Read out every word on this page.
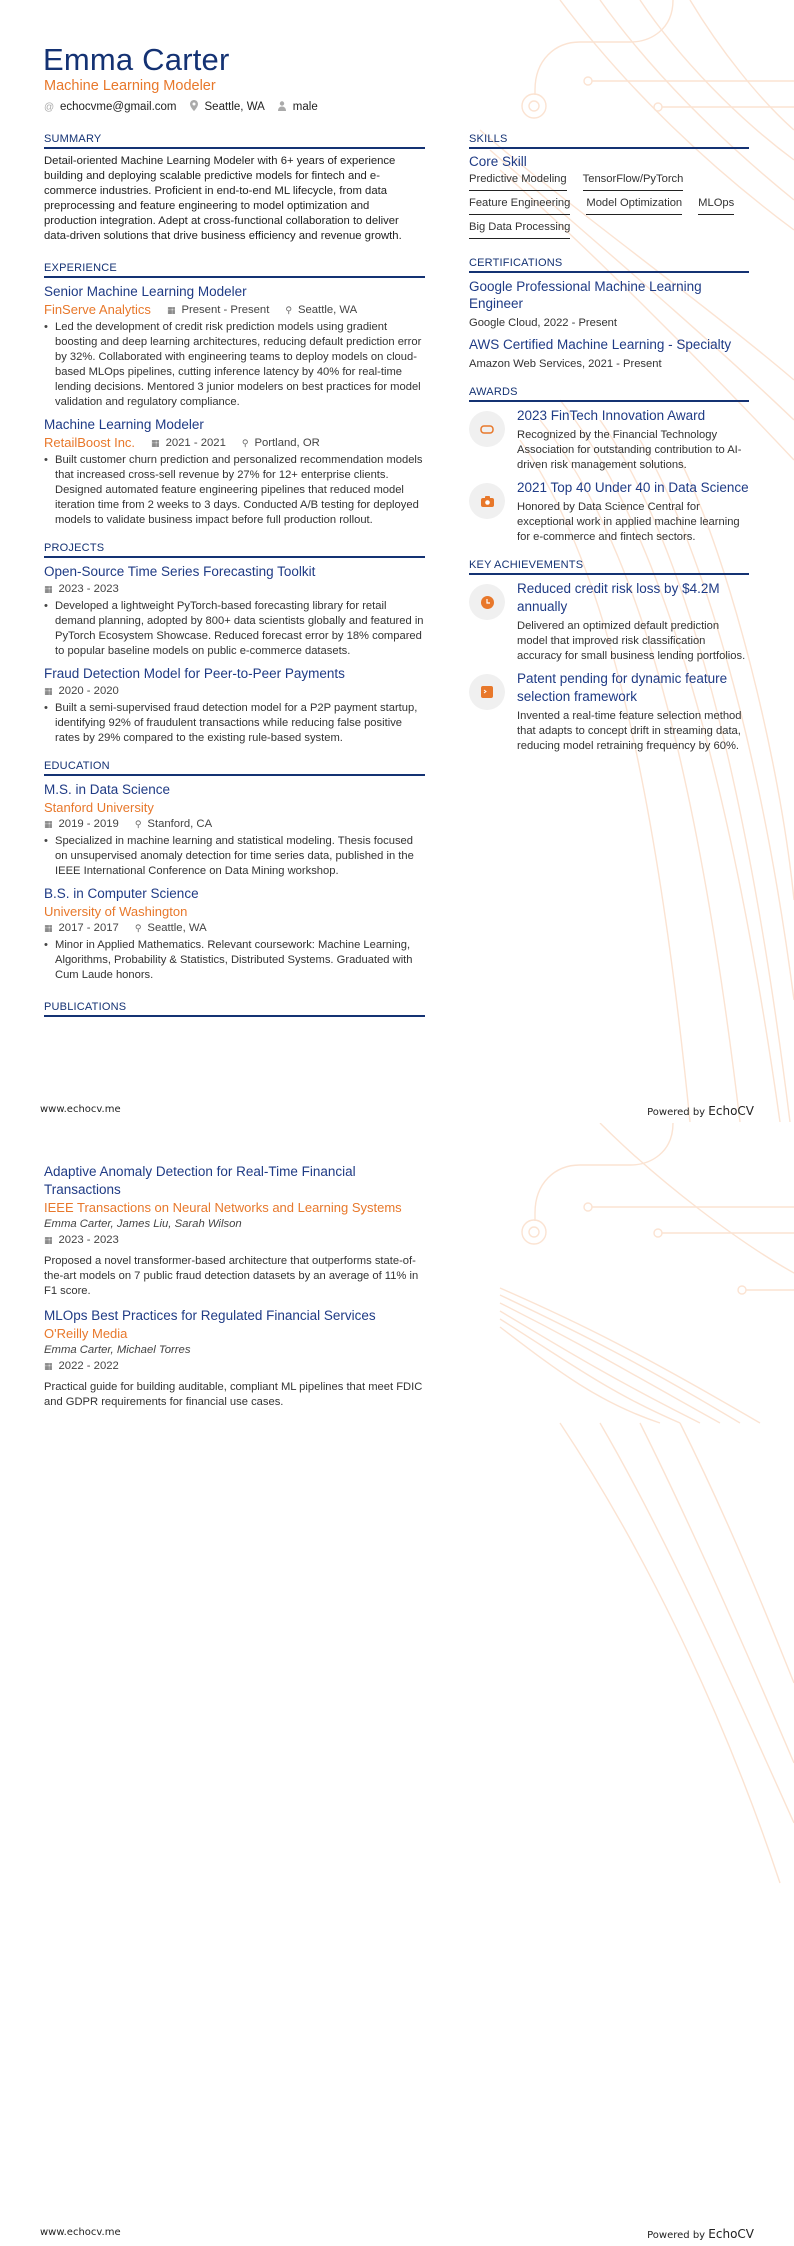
Emma Carter
Machine Learning Modeler
@ echocvme@gmail.com Seattle, WA male
SUMMARY
Detail-oriented Machine Learning Modeler with 6+ years of experience building and deploying scalable predictive models for fintech and e-commerce industries. Proficient in end-to-end ML lifecycle, from data preprocessing and feature engineering to model optimization and production integration. Adept at cross-functional collaboration to deliver data-driven solutions that drive business efficiency and revenue growth.
EXPERIENCE
Senior Machine Learning Modeler
FinServe Analytics ▦ Present - Present ⚲ Seattle, WA
• Led the development of credit risk prediction models using gradient boosting and deep learning architectures, reducing default prediction error by 32%. Collaborated with engineering teams to deploy models on cloud-based MLOps pipelines, cutting inference latency by 40% for real-time lending decisions. Mentored 3 junior modelers on best practices for model validation and regulatory compliance.
Machine Learning Modeler
RetailBoost Inc. ▦ 2021 - 2021 ⚲ Portland, OR
• Built customer churn prediction and personalized recommendation models that increased cross-sell revenue by 27% for 12+ enterprise clients. Designed automated feature engineering pipelines that reduced model iteration time from 2 weeks to 3 days. Conducted A/B testing for deployed models to validate business impact before full production rollout.
PROJECTS
Open-Source Time Series Forecasting Toolkit
▦ 2023 - 2023
• Developed a lightweight PyTorch-based forecasting library for retail demand planning, adopted by 800+ data scientists globally and featured in PyTorch Ecosystem Showcase. Reduced forecast error by 18% compared to popular baseline models on public e-commerce datasets.
Fraud Detection Model for Peer-to-Peer Payments
▦ 2020 - 2020
• Built a semi-supervised fraud detection model for a P2P payment startup, identifying 92% of fraudulent transactions while reducing false positive rates by 29% compared to the existing rule-based system.
EDUCATION
M.S. in Data Science
Stanford University
▦ 2019 - 2019 ⚲ Stanford, CA
• Specialized in machine learning and statistical modeling. Thesis focused on unsupervised anomaly detection for time series data, published in the IEEE International Conference on Data Mining workshop.
B.S. in Computer Science
University of Washington
▦ 2017 - 2017 ⚲ Seattle, WA
• Minor in Applied Mathematics. Relevant coursework: Machine Learning, Algorithms, Probability & Statistics, Distributed Systems. Graduated with Cum Laude honors.
PUBLICATIONS
SKILLS
Core Skill
Predictive Modeling TensorFlow/PyTorch
Feature Engineering Model Optimization MLOps
Big Data Processing
CERTIFICATIONS
Google Professional Machine Learning Engineer
Google Cloud, 2022 - Present
AWS Certified Machine Learning - Specialty
Amazon Web Services, 2021 - Present
AWARDS
2023 FinTech Innovation Award
Recognized by the Financial Technology Association for outstanding contribution to AI-driven risk management solutions.
2021 Top 40 Under 40 in Data Science
Honored by Data Science Central for exceptional work in applied machine learning for e-commerce and fintech sectors.
KEY ACHIEVEMENTS
Reduced credit risk loss by $4.2M annually
Delivered an optimized default prediction model that improved risk classification accuracy for small business lending portfolios.
Patent pending for dynamic feature selection framework
Invented a real-time feature selection method that adapts to concept drift in streaming data, reducing model retraining frequency by 60%.
www.echocv.me	Powered by EchoCV
Adaptive Anomaly Detection for Real-Time Financial Transactions
IEEE Transactions on Neural Networks and Learning Systems
Emma Carter, James Liu, Sarah Wilson
▦ 2023 - 2023
Proposed a novel transformer-based architecture that outperforms state-of-the-art models on 7 public fraud detection datasets by an average of 11% in F1 score.
MLOps Best Practices for Regulated Financial Services
O'Reilly Media
Emma Carter, Michael Torres
▦ 2022 - 2022
Practical guide for building auditable, compliant ML pipelines that meet FDIC and GDPR requirements for financial use cases.
www.echocv.me	Powered by EchoCV
